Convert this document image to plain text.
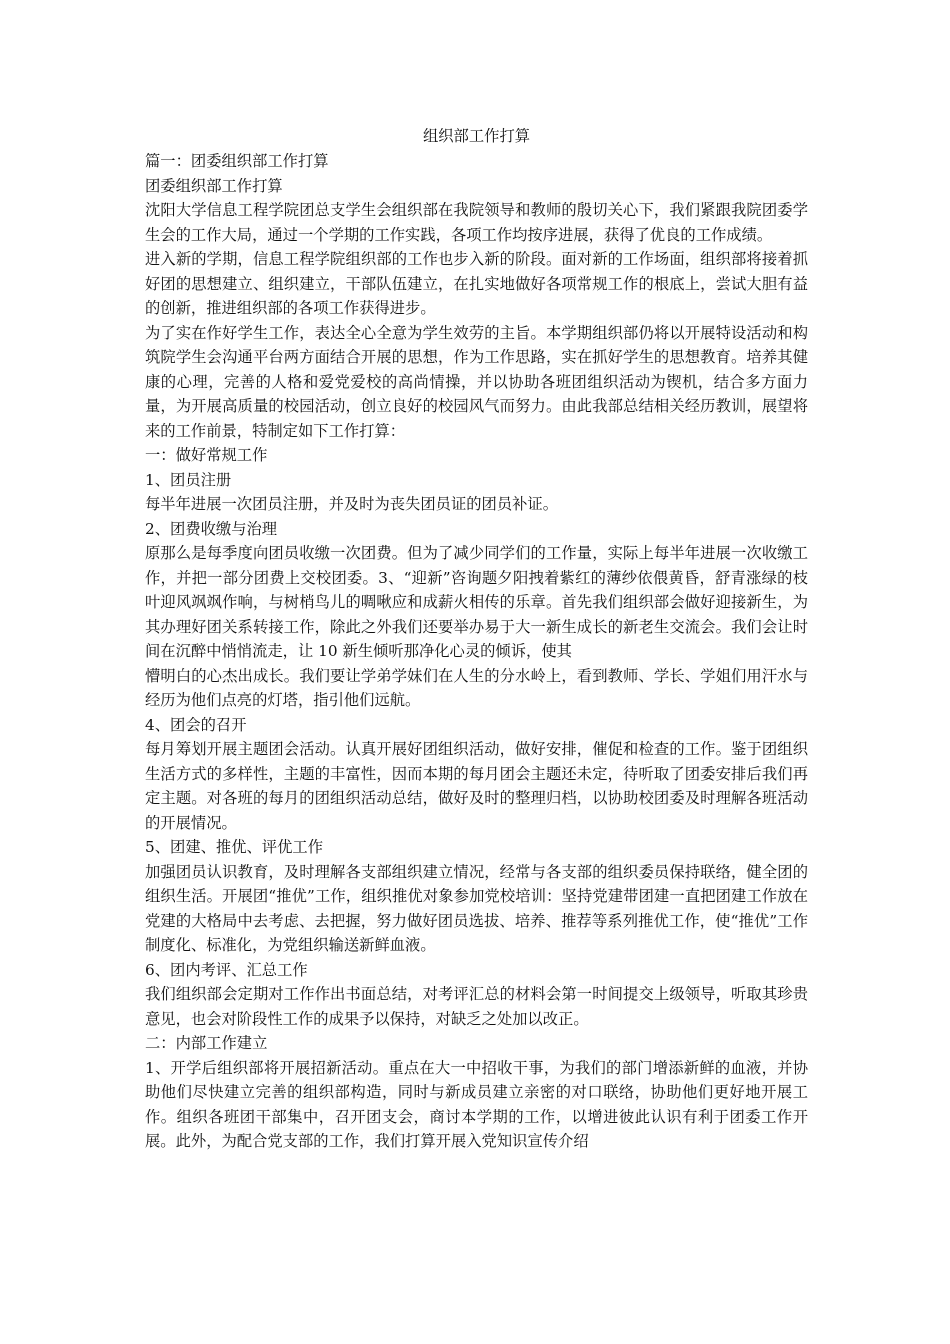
组织部工作打算

篇一：团委组织部工作打算

团委组织部工作打算

沈阳大学信息工程学院团总支学生会组织部在我院领导和教师的殷切关心下，我们紧跟我院团委学生会的工作大局，通过一个学期的工作实践，各项工作均按序进展，获得了优良的工作成绩。

进入新的学期，信息工程学院组织部的工作也步入新的阶段。面对新的工作场面，组织部将接着抓好团的思想建立、组织建立，干部队伍建立，在扎实地做好各项常规工作的根底上，尝试大胆有益的创新，推进组织部的各项工作获得进步。

为了实在作好学生工作，表达全心全意为学生效劳的主旨。本学期组织部仍将以开展特设活动和构筑院学生会沟通平台两方面结合开展的思想，作为工作思路，实在抓好学生的思想教育。培养其健康的心理，完善的人格和爱党爱校的高尚情操，并以协助各班团组织活动为锲机，结合多方面力量，为开展高质量的校园活动，创立良好的校园风气而努力。由此我部总结相关经历教训，展望将来的工作前景，特制定如下工作打算：

一：做好常规工作

1、团员注册

每半年进展一次团员注册，并及时为丧失团员证的团员补证。

2、团费收缴与治理

原那么是每季度向团员收缴一次团费。但为了减少同学们的工作量，实际上每半年进展一次收缴工作，并把一部分团费上交校团委。3、“迎新”咨询题夕阳拽着紫红的薄纱依偎黄昏，舒青涨绿的枝叶迎风飒飒作响，与树梢鸟儿的啁啾应和成薪火相传的乐章。首先我们组织部会做好迎接新生，为其办理好团关系转接工作，除此之外我们还要举办易于大一新生成长的新老生交流会。我们会让时间在沉醉中悄悄流走，让 10 新生倾听那净化心灵的倾诉，使其

懵明白的心杰出成长。我们要让学弟学妹们在人生的分水岭上，看到教师、学长、学姐们用汗水与经历为他们点亮的灯塔，指引他们远航。

4、团会的召开

每月筹划开展主题团会活动。认真开展好团组织活动，做好安排，催促和检查的工作。鉴于团组织生活方式的多样性，主题的丰富性，因而本期的每月团会主题还未定，待听取了团委安排后我们再定主题。对各班的每月的团组织活动总结，做好及时的整理归档，以协助校团委及时理解各班活动的开展情况。

5、团建、推优、评优工作

加强团员认识教育，及时理解各支部组织建立情况，经常与各支部的组织委员保持联络，健全团的组织生活。开展团“推优”工作，组织推优对象参加党校培训：坚持党建带团建一直把团建工作放在党建的大格局中去考虑、去把握，努力做好团员选拔、培养、推荐等系列推优工作，使“推优”工作制度化、标准化，为党组织输送新鲜血液。

6、团内考评、汇总工作

我们组织部会定期对工作作出书面总结，对考评汇总的材料会第一时间提交上级领导，听取其珍贵意见，也会对阶段性工作的成果予以保持，对缺乏之处加以改正。

二：内部工作建立

1、开学后组织部将开展招新活动。重点在大一中招收干事，为我们的部门增添新鲜的血液，并协助他们尽快建立完善的组织部构造，同时与新成员建立亲密的对口联络，协助他们更好地开展工作。组织各班团干部集中，召开团支会，商讨本学期的工作，以增进彼此认识有利于团委工作开展。此外，为配合党支部的工作，我们打算开展入党知识宣传介绍
